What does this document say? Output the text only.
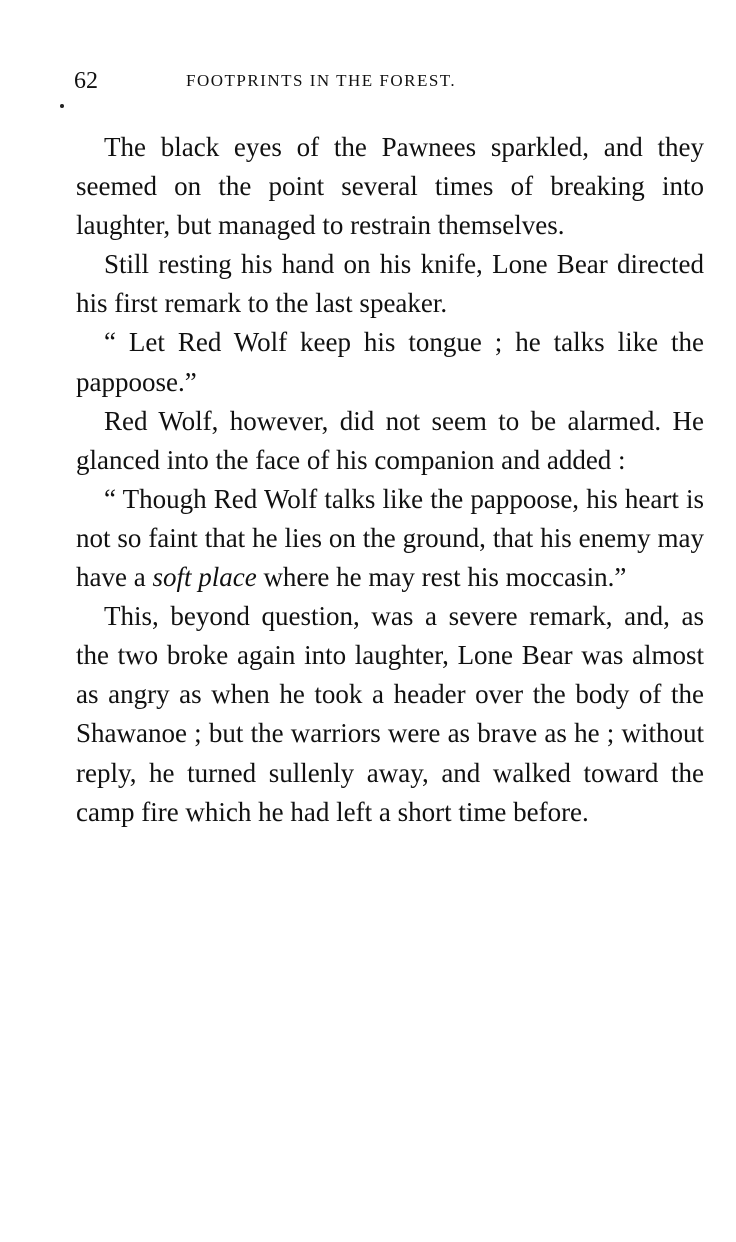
62	FOOTPRINTS IN THE FOREST.

The black eyes of the Pawnees sparkled, and they seemed on the point several times of breaking into laughter, but managed to restrain themselves.

Still resting his hand on his knife, Lone Bear directed his first remark to the last speaker.

“ Let Red Wolf keep his tongue ; he talks like the pappoose.”

Red Wolf, however, did not seem to be alarmed. He glanced into the face of his companion and added :

“ Though Red Wolf talks like the pappoose, his heart is not so faint that he lies on the ground, that his enemy may have a soft place where he may rest his moccasin.”

This, beyond question, was a severe remark, and, as the two broke again into laughter, Lone Bear was almost as angry as when he took a header over the body of the Shawanoe ; but the warriors were as brave as he ; without reply, he turned sullenly away, and walked toward the camp fire which he had left a short time before.
